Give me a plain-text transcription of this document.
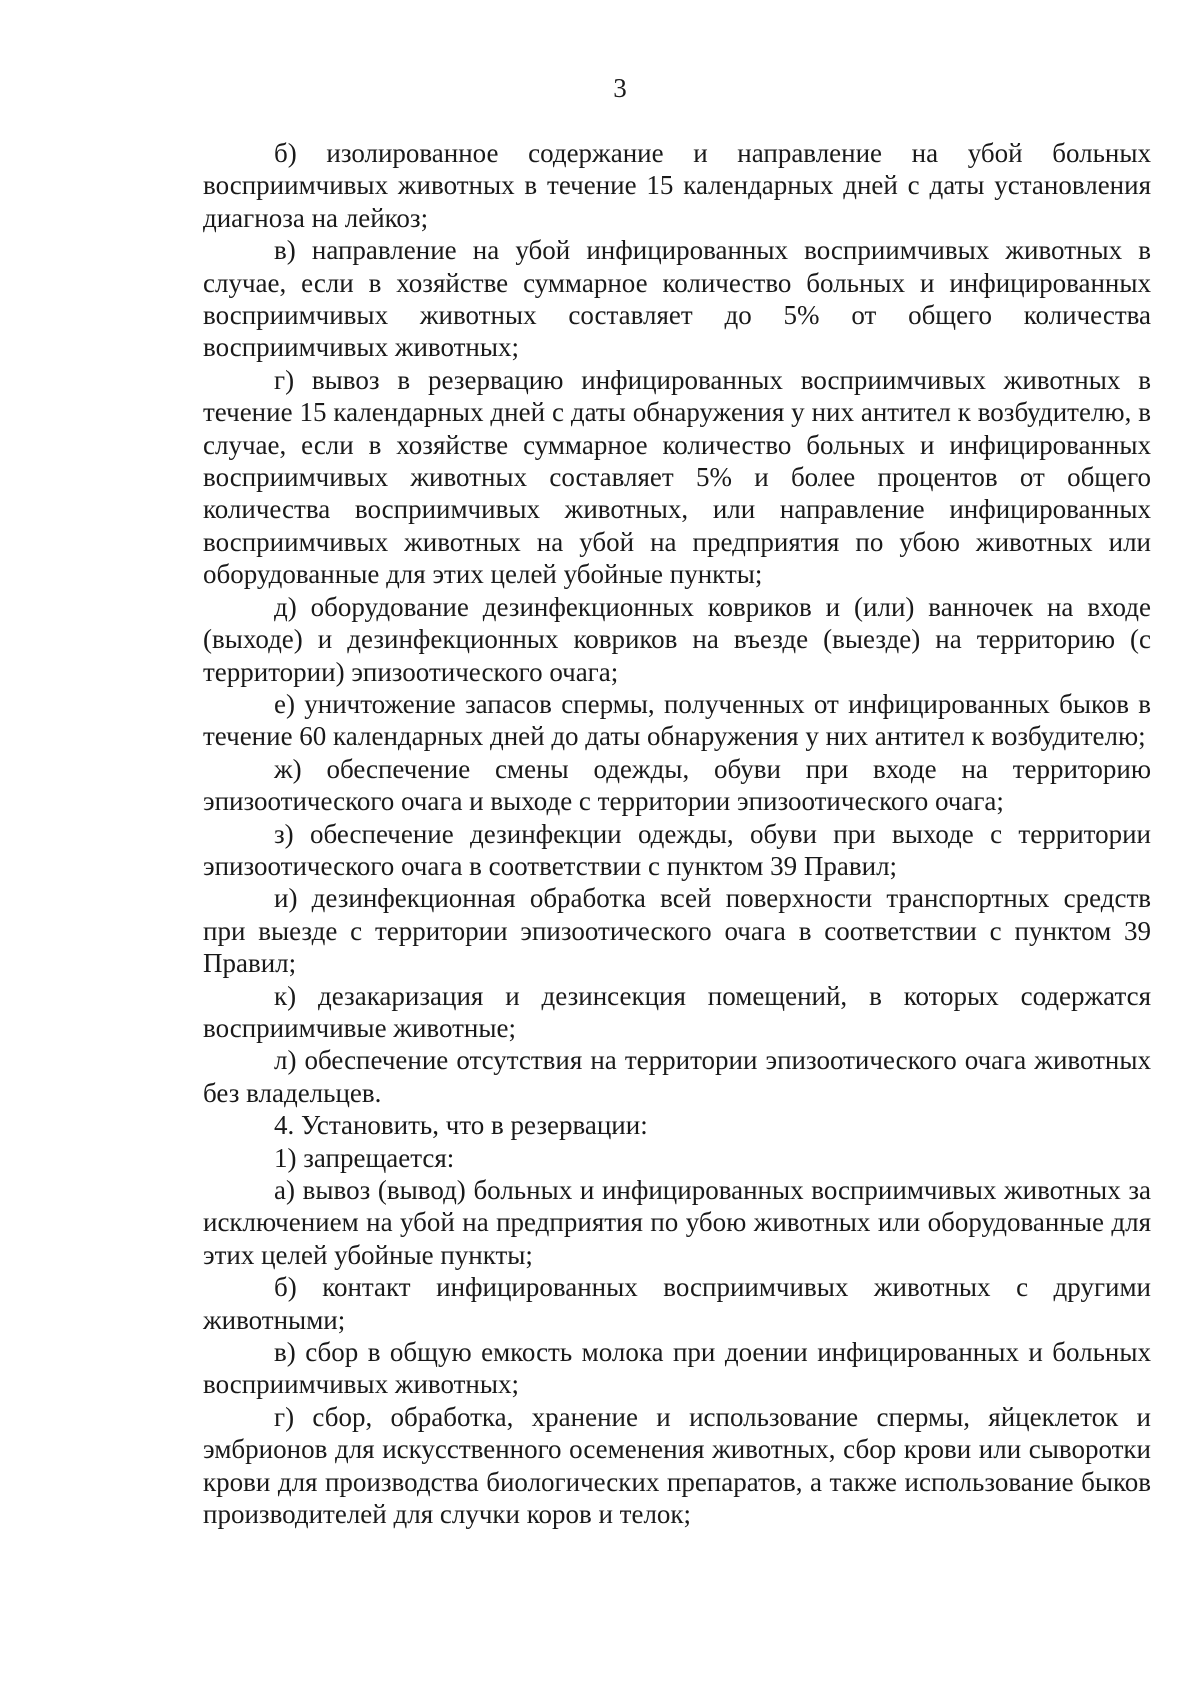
3

б) изолированное содержание и направление на убой больных восприимчивых животных в течение 15 календарных дней с даты установления диагноза на лейкоз;

в) направление на убой инфицированных восприимчивых животных в случае, если в хозяйстве суммарное количество больных и инфицированных восприимчивых животных составляет до 5% от общего количества восприимчивых животных;

г) вывоз в резервацию инфицированных восприимчивых животных в течение 15 календарных дней с даты обнаружения у них антител к возбудителю, в случае, если в хозяйстве суммарное количество больных и инфицированных восприимчивых животных составляет 5% и более процентов от общего количества восприимчивых животных, или направление инфицированных восприимчивых животных на убой на предприятия по убою животных или оборудованные для этих целей убойные пункты;

д) оборудование дезинфекционных ковриков и (или) ванночек на входе (выходе) и дезинфекционных ковриков на въезде (выезде) на территорию (с территории) эпизоотического очага;

е) уничтожение запасов спермы, полученных от инфицированных быков в течение 60 календарных дней до даты обнаружения у них антител к возбудителю;

ж) обеспечение смены одежды, обуви при входе на территорию эпизоотического очага и выходе с территории эпизоотического очага;

з) обеспечение дезинфекции одежды, обуви при выходе с территории эпизоотического очага в соответствии с пунктом 39 Правил;

и) дезинфекционная обработка всей поверхности транспортных средств при выезде с территории эпизоотического очага в соответствии с пунктом 39 Правил;

к) дезакаризация и дезинсекция помещений, в которых содержатся восприимчивые животные;

л) обеспечение отсутствия на территории эпизоотического очага животных без владельцев.

4. Установить, что в резервации:

1) запрещается:

а) вывоз (вывод) больных и инфицированных восприимчивых животных за исключением на убой на предприятия по убою животных или оборудованные для этих целей убойные пункты;

б) контакт инфицированных восприимчивых животных с другими животными;

в) сбор в общую емкость молока при доении инфицированных и больных восприимчивых животных;

г) сбор, обработка, хранение и использование спермы, яйцеклеток и эмбрионов для искусственного осеменения животных, сбор крови или сыворотки крови для производства биологических препаратов, а также использование быков производителей для случки коров и телок;
